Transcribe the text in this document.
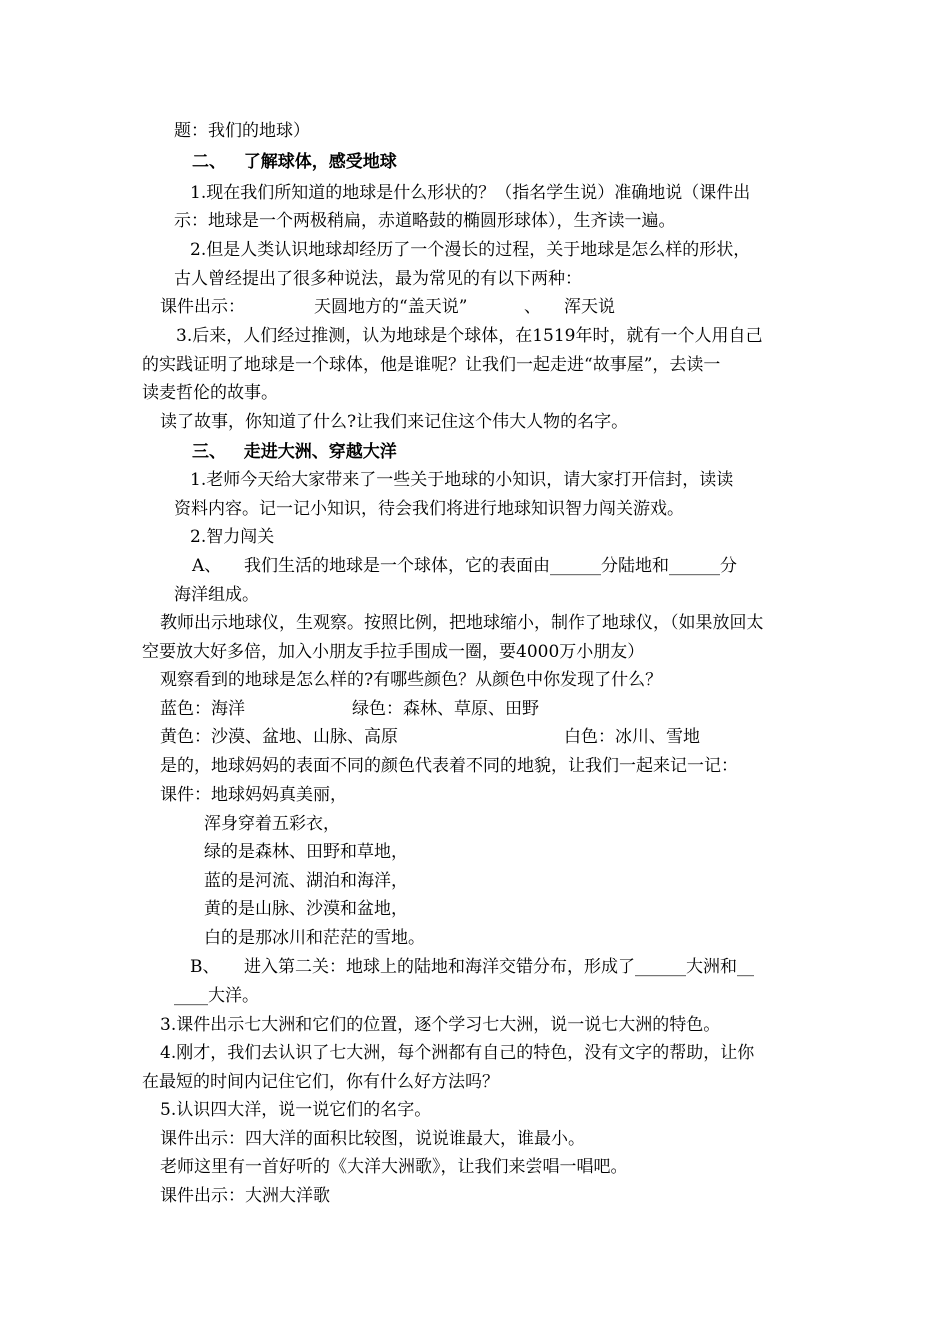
题：我们的地球）
二、   了解球体，感受地球
1.现在我们所知道的地球是什么形状的？（指名学生说）准确地说（课件出
示：地球是一个两极稍扁，赤道略鼓的椭圆形球体），生齐读一遍。
2.但是人类认识地球却经历了一个漫长的过程，关于地球是怎么样的形状，
古人曾经提出了很多种说法，最为常见的有以下两种：
课件出示：	天圆地方的“盖天说”	、 浑天说
3.后来，人们经过推测，认为地球是个球体，在1519年时，就有一个人用自己
的实践证明了地球是一个球体，他是谁呢？让我们一起走进“故事屋”，去读一
读麦哲伦的故事。
读了故事，你知道了什么?让我们来记住这个伟大人物的名字。
三、   走进大洲、穿越大洋
1.老师今天给大家带来了一些关于地球的小知识，请大家打开信封，读读
资料内容。记一记小知识，待会我们将进行地球知识智力闯关游戏。
2.智力闯关
A、 我们生活的地球是一个球体，它的表面由______分陆地和______分
海洋组成。
教师出示地球仪，生观察。按照比例，把地球缩小，制作了地球仪，（如果放回太
空要放大好多倍，加入小朋友手拉手围成一圈，要4000万小朋友）
观察看到的地球是怎么样的?有哪些颜色？从颜色中你发现了什么？
蓝色：海洋	绿色：森林、草原、田野
黄色：沙漠、盆地、山脉、高原	白色：冰川、雪地
是的，地球妈妈的表面不同的颜色代表着不同的地貌，让我们一起来记一记：
课件：地球妈妈真美丽，
浑身穿着五彩衣，
绿的是森林、田野和草地，
蓝的是河流、湖泊和海洋，
黄的是山脉、沙漠和盆地，
白的是那冰川和茫茫的雪地。
B、 进入第二关：地球上的陆地和海洋交错分布，形成了______大洲和__
____大洋。
3.课件出示七大洲和它们的位置，逐个学习七大洲，说一说七大洲的特色。
4.刚才，我们去认识了七大洲，每个洲都有自己的特色，没有文字的帮助，让你
在最短的时间内记住它们，你有什么好方法吗？
5.认识四大洋，说一说它们的名字。
课件出示：四大洋的面积比较图，说说谁最大，谁最小。
老师这里有一首好听的《大洋大洲歌》，让我们来尝唱一唱吧。
课件出示：大洲大洋歌
